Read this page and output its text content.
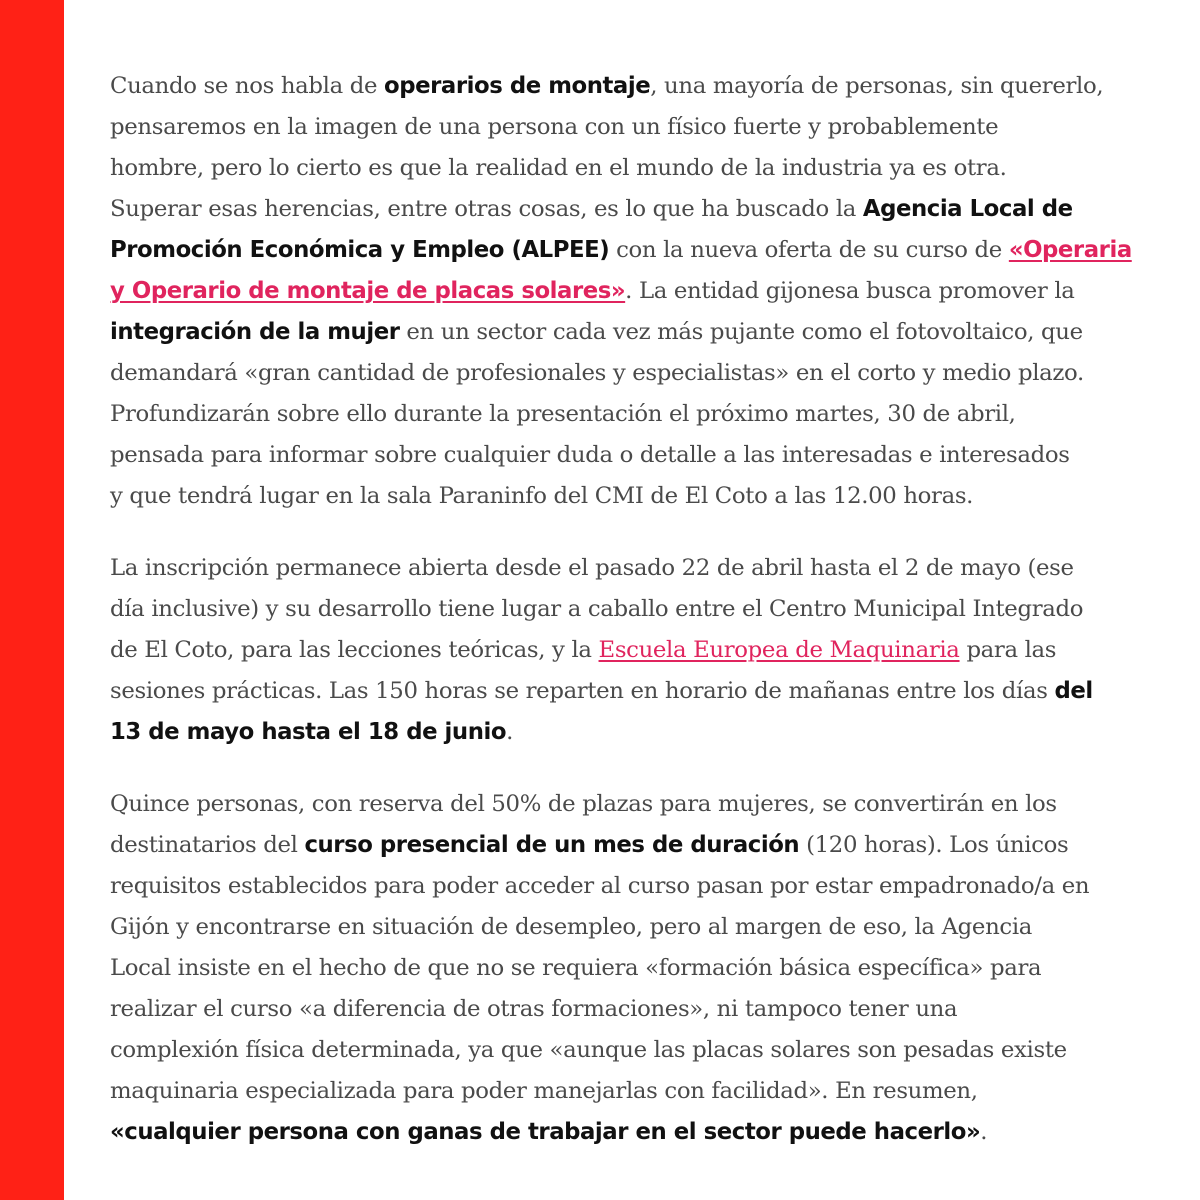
Cuando se nos habla de operarios de montaje, una mayoría de personas, sin quererlo,
pensaremos en la imagen de una persona con un físico fuerte y probablemente
hombre, pero lo cierto es que la realidad en el mundo de la industria ya es otra.
Superar esas herencias, entre otras cosas, es lo que ha buscado la Agencia Local de
Promoción Económica y Empleo (ALPEE) con la nueva oferta de su curso de «Operaria
y Operario de montaje de placas solares». La entidad gijonesa busca promover la
integración de la mujer en un sector cada vez más pujante como el fotovoltaico, que
demandará «gran cantidad de profesionales y especialistas» en el corto y medio plazo.
Profundizarán sobre ello durante la presentación el próximo martes, 30 de abril,
pensada para informar sobre cualquier duda o detalle a las interesadas e interesados
y que tendrá lugar en la sala Paraninfo del CMI de El Coto a las 12.00 horas.

La inscripción permanece abierta desde el pasado 22 de abril hasta el 2 de mayo (ese
día inclusive) y su desarrollo tiene lugar a caballo entre el Centro Municipal Integrado
de El Coto, para las lecciones teóricas, y la Escuela Europea de Maquinaria para las
sesiones prácticas. Las 150 horas se reparten en horario de mañanas entre los días del
13 de mayo hasta el 18 de junio.

Quince personas, con reserva del 50% de plazas para mujeres, se convertirán en los
destinatarios del curso presencial de un mes de duración (120 horas). Los únicos
requisitos establecidos para poder acceder al curso pasan por estar empadronado/a en
Gijón y encontrarse en situación de desempleo, pero al margen de eso, la Agencia
Local insiste en el hecho de que no se requiera «formación básica específica» para
realizar el curso «a diferencia de otras formaciones», ni tampoco tener una
complexión física determinada, ya que «aunque las placas solares son pesadas existe
maquinaria especializada para poder manejarlas con facilidad». En resumen,
«cualquier persona con ganas de trabajar en el sector puede hacerlo».
